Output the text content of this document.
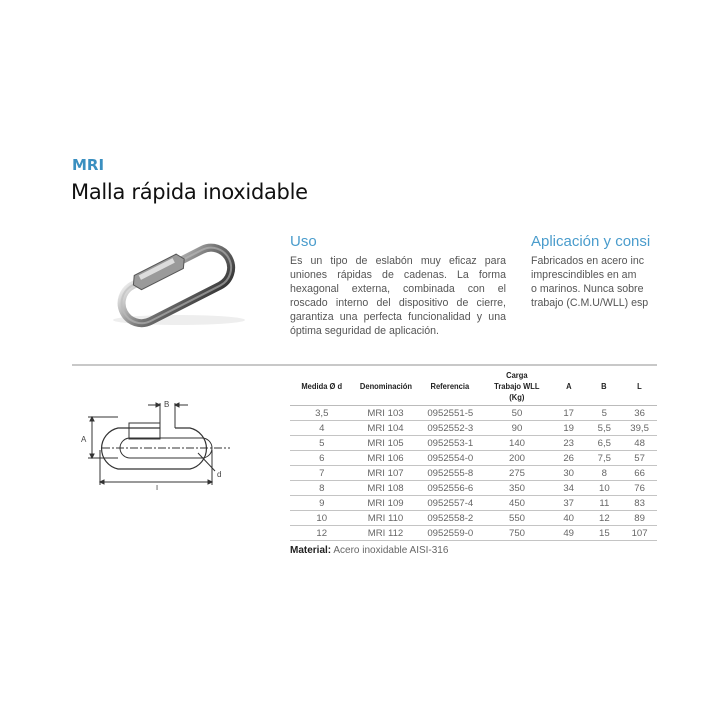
MRI
Malla rápida inoxidable
Uso
Es un tipo de eslabón muy eficaz para uniones rápidas de cadenas. La forma hexagonal externa, combinada con el roscado interno del dispositivo de cierre, garantiza una perfecta funcionalidad y una óptima seguridad de aplicación.
Aplicación y consi
Fabricados en acero inc
imprescindibles en am
o marinos. Nunca sobre
trabajo (C.M.U/WLL) esp
A
B
L
d
Medida Ø d	Denominación	Referencia	Carga Trabajo WLL (Kg)	A	B	L
3,5	MRI 103	0952551-5	50	17	5	36
4	MRI 104	0952552-3	90	19	5,5	39,5
5	MRI 105	0952553-1	140	23	6,5	48
6	MRI 106	0952554-0	200	26	7,5	57
7	MRI 107	0952555-8	275	30	8	66
8	MRI 108	0952556-6	350	34	10	76
9	MRI 109	0952557-4	450	37	11	83
10	MRI 110	0952558-2	550	40	12	89
12	MRI 112	0952559-0	750	49	15	107
Material: Acero inoxidable AISI-316
